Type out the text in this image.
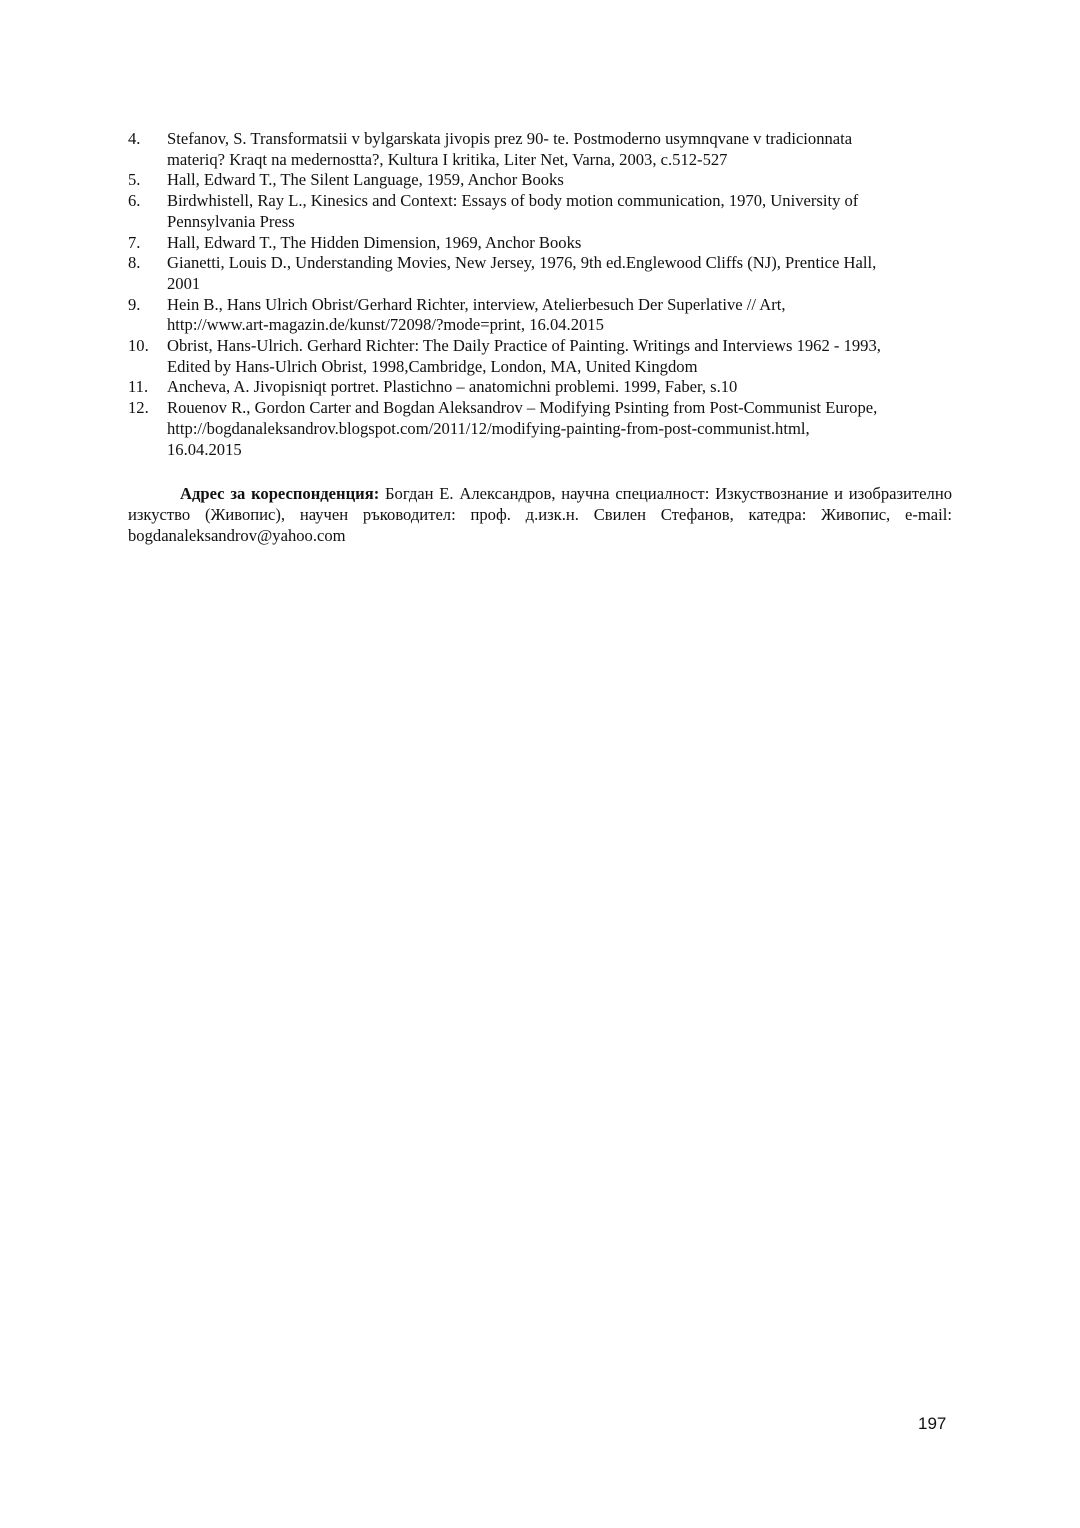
4.	Stefanov, S. Transformatsii v bylgarskata jivopis prez 90- te. Postmoderno usymnqvane v tradicionnata
materiq? Kraqt na medernostta?, Kultura I kritika, Liter Net, Varna, 2003, c.512-527
5.	Hall, Edward T., The Silent Language, 1959, Anchor Books
6.	Birdwhistell, Ray L., Kinesics and Context: Essays of body motion communication, 1970, University of
Pennsylvania Press
7.	Hall, Edward T., The Hidden Dimension, 1969, Anchor Books
8.	Gianetti, Louis D., Understanding Movies, New Jersey, 1976, 9th ed.Englewood Cliffs (NJ), Prentice Hall,
2001
9.	Hein B., Hans Ulrich Obrist/Gerhard Richter, interview, Atelierbesuch Der Superlative // Art,
http://www.art-magazin.de/kunst/72098/?mode=print, 16.04.2015
10.	Obrist, Hans-Ulrich. Gerhard Richter: The Daily Practice of Painting. Writings and Interviews 1962 - 1993,
Edited by Hans-Ulrich Obrist, 1998,Cambridge, London, MA, United Kingdom
11.	Ancheva, A. Jivopisniqt portret. Plastichno – anatomichni problemi. 1999, Faber, s.10
12.	Rouenov R., Gordon Carter and Bogdan Aleksandrov – Modifying Psinting from Post-Communist Europe,
http://bogdanaleksandrov.blogspot.com/2011/12/modifying-painting-from-post-communist.html,
16.04.2015

Адрес за кореспонденция: Богдан Е. Александров, научна специалност: Изкуствознание и изобразително изкуство (Живопис), научен ръководител: проф. д.изк.н. Свилен Стефанов, катедра: Живопис, e-mail: bogdanaleksandrov@yahoo.com

197
